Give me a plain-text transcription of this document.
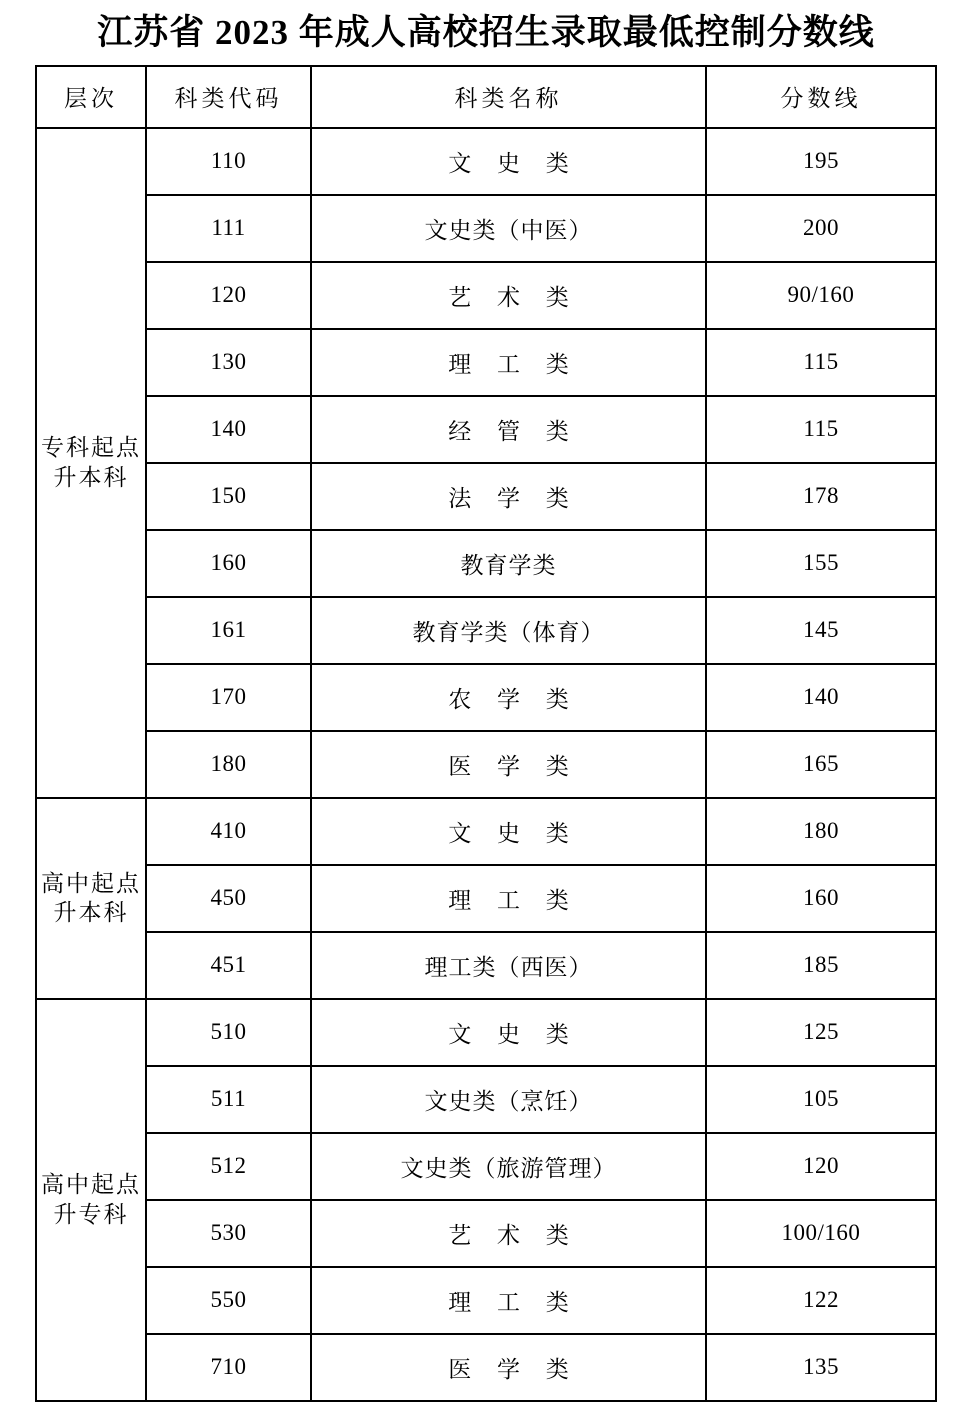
江苏省 2023 年成人高校招生录取最低控制分数线
层次	科类代码	科类名称	分数线
专科起点升本科	110	文 史 类	195
	111	文史类（中医）	200
	120	艺 术 类	90/160
	130	理 工 类	115
	140	经 管 类	115
	150	法 学 类	178
	160	教育学类	155
	161	教育学类（体育）	145
	170	农 学 类	140
	180	医 学 类	165
高中起点升本科	410	文 史 类	180
	450	理 工 类	160
	451	理工类（西医）	185
高中起点升专科	510	文 史 类	125
	511	文史类（烹饪）	105
	512	文史类（旅游管理）	120
	530	艺 术 类	100/160
	550	理 工 类	122
	710	医 学 类	135
